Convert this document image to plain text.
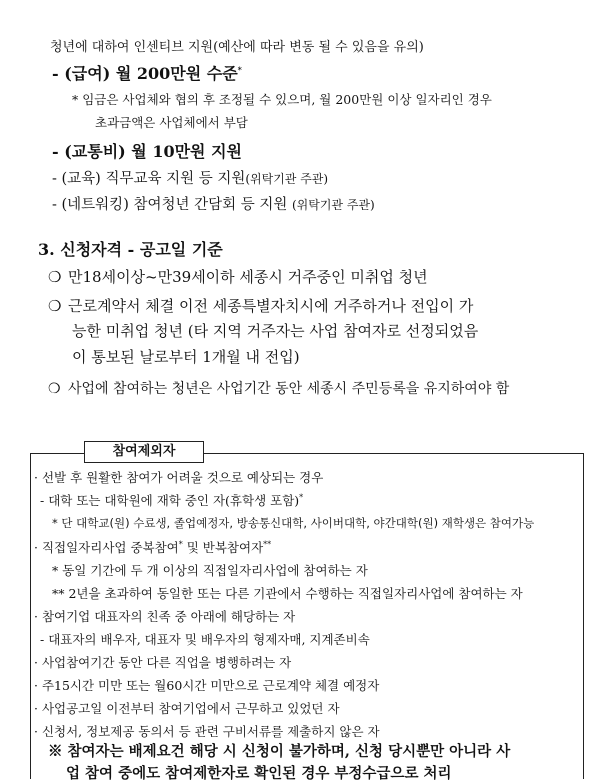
청년에 대하여 인센티브 지원(예산에 따라 변동 될 수 있음을 유의)
- (급여) 월 200만원 수준*
* 임금은 사업체와 협의 후 조정될 수 있으며, 월 200만원 이상 일자리인 경우
초과금액은 사업체에서 부담
- (교통비) 월 10만원 지원
- (교육) 직무교육 지원 등 지원(위탁기관 주관)
- (네트워킹) 참여청년 간담회 등 지원 (위탁기관 주관)
3. 신청자격 - 공고일 기준
❍ 만18세이상~만39세이하 세종시 거주중인 미취업 청년
❍ 근로계약서 체결 이전 세종특별자치시에 거주하거나 전입이 가
능한 미취업 청년 (타 지역 거주자는 사업 참여자로 선정되었음
이 통보된 날로부터 1개월 내 전입)
❍ 사업에 참여하는 청년은 사업기간 동안 세종시 주민등록을 유지하여야 함
참여제외자
· 선발 후 원활한 참여가 어려울 것으로 예상되는 경우
- 대학 또는 대학원에 재학 중인 자(휴학생 포함)*
* 단 대학교(원) 수료생, 졸업예정자, 방송통신대학, 사이버대학, 야간대학(원) 재학생은 참여가능
· 직접일자리사업 중복참여* 및 반복참여자**
* 동일 기간에 두 개 이상의 직접일자리사업에 참여하는 자
** 2년을 초과하여 동일한 또는 다른 기관에서 수행하는 직접일자리사업에 참여하는 자
· 참여기업 대표자의 친족 중 아래에 해당하는 자
- 대표자의 배우자, 대표자 및 배우자의 형제자매, 지계존비속
· 사업참여기간 동안 다른 직업을 병행하려는 자
· 주15시간 미만 또는 월60시간 미만으로 근로계약 체결 예정자
· 사업공고일 이전부터 참여기업에서 근무하고 있었던 자
· 신청서, 정보제공 동의서 등 관련 구비서류를 제출하지 않은 자
※ 참여자는 배제요건 해당 시 신청이 불가하며, 신청 당시뿐만 아니라 사
업 참여 중에도 참여제한자로 확인된 경우 부정수급으로 처리
